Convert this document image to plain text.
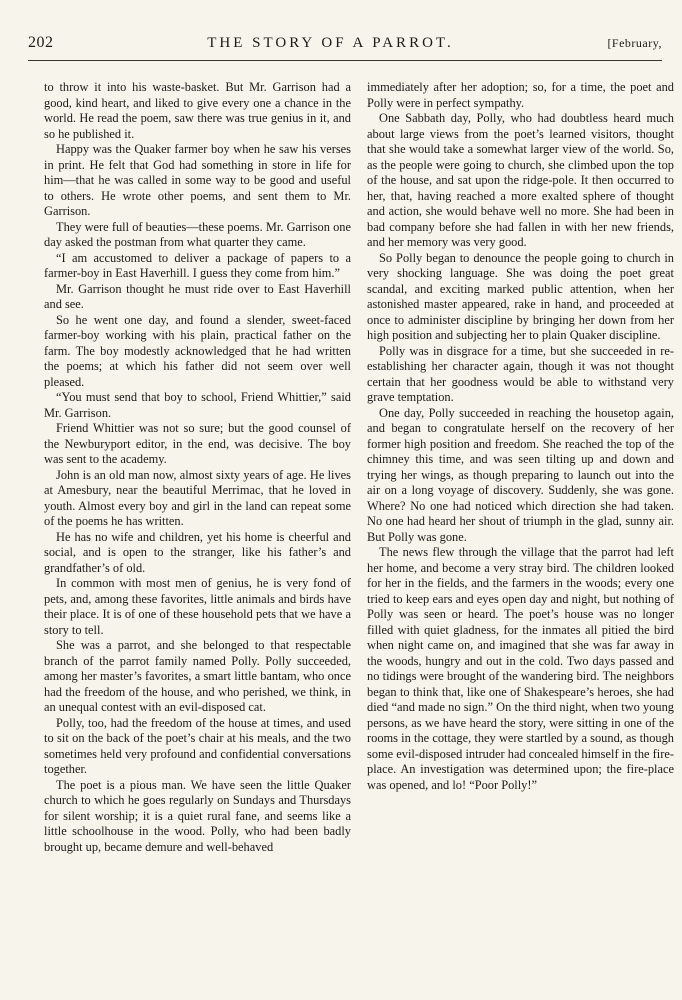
202	THE STORY OF A PARROT.	[February,

to throw it into his waste-basket. But Mr. Garrison had a good, kind heart, and liked to give every one a chance in the world. He read the poem, saw there was true genius in it, and so he published it.

Happy was the Quaker farmer boy when he saw his verses in print. He felt that God had something in store in life for him—that he was called in some way to be good and useful to others. He wrote other poems, and sent them to Mr. Garrison.

They were full of beauties—these poems. Mr. Garrison one day asked the postman from what quarter they came.

“I am accustomed to deliver a package of papers to a farmer-boy in East Haverhill. I guess they come from him.”

Mr. Garrison thought he must ride over to East Haverhill and see.

So he went one day, and found a slender, sweet-faced farmer-boy working with his plain, practical father on the farm. The boy modestly acknowledged that he had written the poems; at which his father did not seem over well pleased.

“You must send that boy to school, Friend Whittier,” said Mr. Garrison.

Friend Whittier was not so sure; but the good counsel of the Newburyport editor, in the end, was decisive. The boy was sent to the academy.

John is an old man now, almost sixty years of age. He lives at Amesbury, near the beautiful Merrimac, that he loved in youth. Almost every boy and girl in the land can repeat some of the poems he has written.

He has no wife and children, yet his home is cheerful and social, and is open to the stranger, like his father’s and grandfather’s of old.

In common with most men of genius, he is very fond of pets, and, among these favorites, little animals and birds have their place. It is of one of these household pets that we have a story to tell.

She was a parrot, and she belonged to that respectable branch of the parrot family named Polly. Polly succeeded, among her master’s favorites, a smart little bantam, who once had the freedom of the house, and who perished, we think, in an unequal contest with an evil-disposed cat.

Polly, too, had the freedom of the house at times, and used to sit on the back of the poet’s chair at his meals, and the two sometimes held very profound and confidential conversations together.

The poet is a pious man. We have seen the little Quaker church to which he goes regularly on Sundays and Thursdays for silent worship; it is a quiet rural fane, and seems like a little schoolhouse in the wood. Polly, who had been badly brought up, became demure and well-behaved

immediately after her adoption; so, for a time, the poet and Polly were in perfect sympathy.

One Sabbath day, Polly, who had doubtless heard much about large views from the poet’s learned visitors, thought that she would take a somewhat larger view of the world. So, as the people were going to church, she climbed upon the top of the house, and sat upon the ridge-pole. It then occurred to her, that, having reached a more exalted sphere of thought and action, she would behave well no more. She had been in bad company before she had fallen in with her new friends, and her memory was very good.

So Polly began to denounce the people going to church in very shocking language. She was doing the poet great scandal, and exciting marked public attention, when her astonished master appeared, rake in hand, and proceeded at once to administer discipline by bringing her down from her high position and subjecting her to plain Quaker discipline.

Polly was in disgrace for a time, but she succeeded in re-establishing her character again, though it was not thought certain that her goodness would be able to withstand very grave temptation.

One day, Polly succeeded in reaching the housetop again, and began to congratulate herself on the recovery of her former high position and freedom. She reached the top of the chimney this time, and was seen tilting up and down and trying her wings, as though preparing to launch out into the air on a long voyage of discovery. Suddenly, she was gone. Where? No one had noticed which direction she had taken. No one had heard her shout of triumph in the glad, sunny air. But Polly was gone.

The news flew through the village that the parrot had left her home, and become a very stray bird. The children looked for her in the fields, and the farmers in the woods; every one tried to keep ears and eyes open day and night, but nothing of Polly was seen or heard. The poet’s house was no longer filled with quiet gladness, for the inmates all pitied the bird when night came on, and imagined that she was far away in the woods, hungry and out in the cold. Two days passed and no tidings were brought of the wandering bird. The neighbors began to think that, like one of Shakespeare’s heroes, she had died “and made no sign.” On the third night, when two young persons, as we have heard the story, were sitting in one of the rooms in the cottage, they were startled by a sound, as though some evil-disposed intruder had concealed himself in the fire-place. An investigation was determined upon; the fire-place was opened, and lo! “Poor Polly!”
